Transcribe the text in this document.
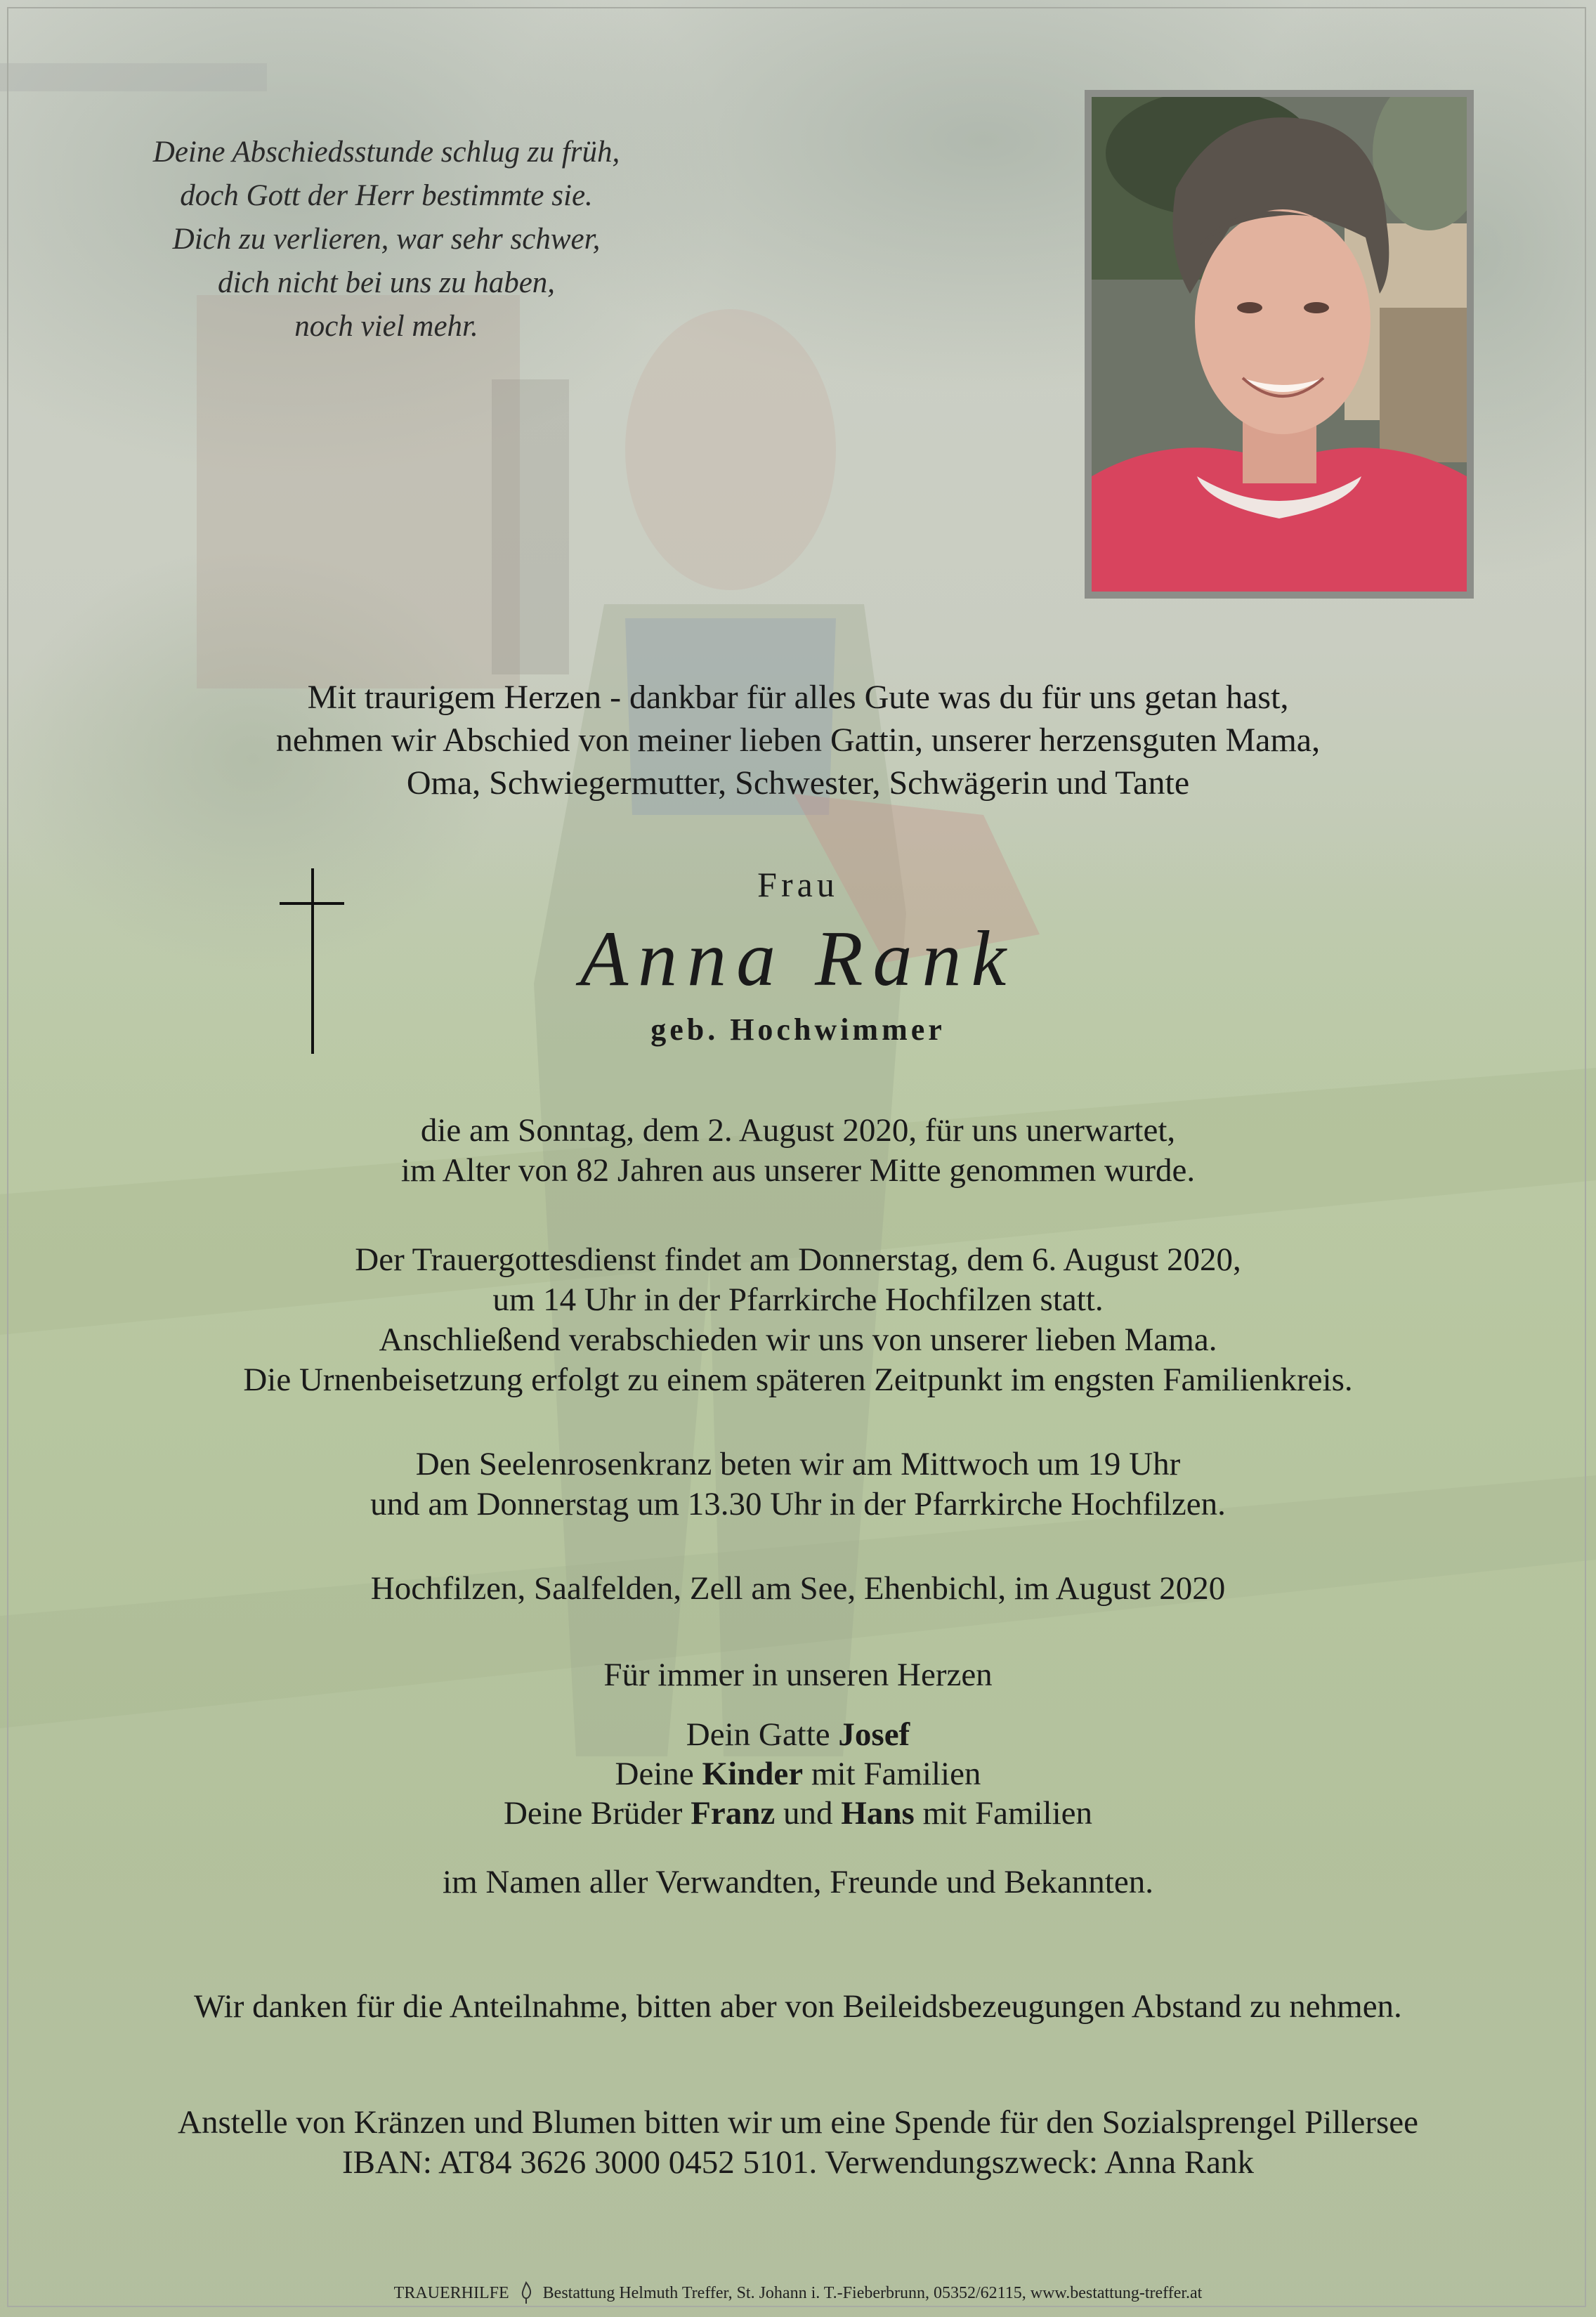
Deine Abschiedsstunde schlug zu früh,
doch Gott der Herr bestimmte sie.
Dich zu verlieren, war sehr schwer,
dich nicht bei uns zu haben,
noch viel mehr.
Mit traurigem Herzen - dankbar für alles Gute was du für uns getan hast,
nehmen wir Abschied von meiner lieben Gattin, unserer herzensguten Mama,
Oma, Schwiegermutter, Schwester, Schwägerin und Tante
Frau
Anna Rank
geb. Hochwimmer
die am Sonntag, dem 2. August 2020, für uns unerwartet,
im Alter von 82 Jahren aus unserer Mitte genommen wurde.
Der Trauergottesdienst findet am Donnerstag, dem 6. August 2020,
um 14 Uhr in der Pfarrkirche Hochfilzen statt.
Anschließend verabschieden wir uns von unserer lieben Mama.
Die Urnenbeisetzung erfolgt zu einem späteren Zeitpunkt im engsten Familienkreis.
Den Seelenrosenkranz beten wir am Mittwoch um 19 Uhr
und am Donnerstag um 13.30 Uhr in der Pfarrkirche Hochfilzen.
Hochfilzen, Saalfelden, Zell am See, Ehenbichl, im August 2020
Für immer in unseren Herzen
Dein Gatte Josef
Deine Kinder mit Familien
Deine Brüder Franz und Hans mit Familien
im Namen aller Verwandten, Freunde und Bekannten.
Wir danken für die Anteilnahme, bitten aber von Beileidsbezeugungen Abstand zu nehmen.
Anstelle von Kränzen und Blumen bitten wir um eine Spende für den Sozialsprengel Pillersee
IBAN: AT84 3626 3000 0452 5101. Verwendungszweck: Anna Rank
TRAUERHILFE Bestattung Helmuth Treffer, St. Johann i. T.-Fieberbrunn, 05352/62115, www.bestattung-treffer.at
